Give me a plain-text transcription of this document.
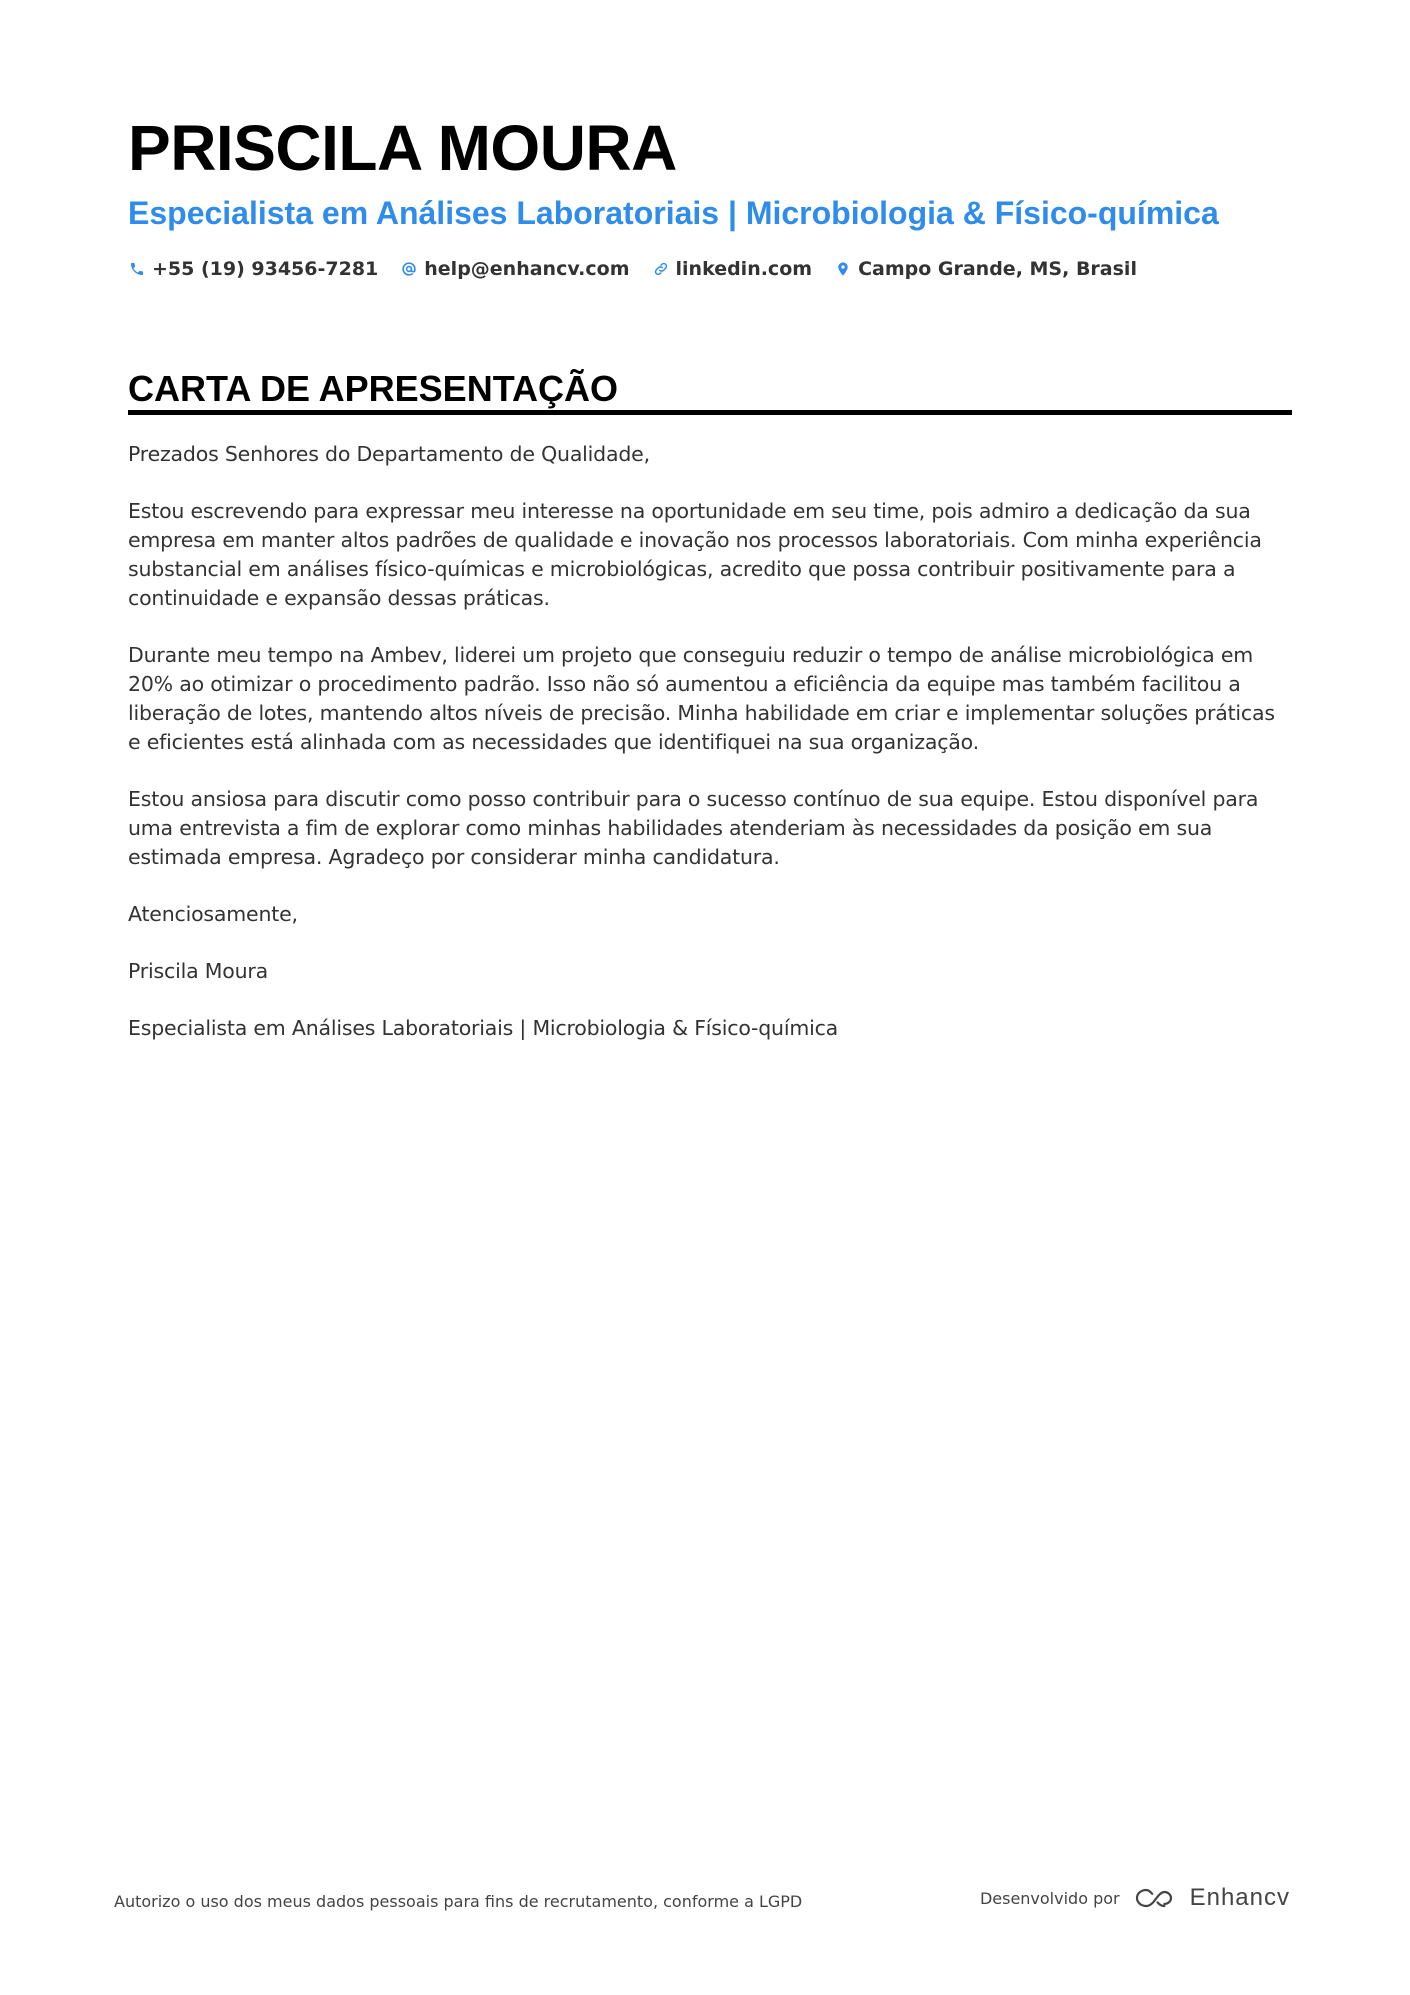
PRISCILA MOURA
Especialista em Análises Laboratoriais | Microbiologia & Físico-química
+55 (19) 93456-7281 help@enhancv.com linkedin.com Campo Grande, MS, Brasil
CARTA DE APRESENTAÇÃO

Prezados Senhores do Departamento de Qualidade,

Estou escrevendo para expressar meu interesse na oportunidade em seu time, pois admiro a dedicação da sua empresa em manter altos padrões de qualidade e inovação nos processos laboratoriais. Com minha experiência substancial em análises físico-químicas e microbiológicas, acredito que possa contribuir positivamente para a continuidade e expansão dessas práticas.

Durante meu tempo na Ambev, liderei um projeto que conseguiu reduzir o tempo de análise microbiológica em 20% ao otimizar o procedimento padrão. Isso não só aumentou a eficiência da equipe mas também facilitou a liberação de lotes, mantendo altos níveis de precisão. Minha habilidade em criar e implementar soluções práticas e eficientes está alinhada com as necessidades que identifiquei na sua organização.

Estou ansiosa para discutir como posso contribuir para o sucesso contínuo de sua equipe. Estou disponível para uma entrevista a fim de explorar como minhas habilidades atenderiam às necessidades da posição em sua estimada empresa. Agradeço por considerar minha candidatura.

Atenciosamente,

Priscila Moura

Especialista em Análises Laboratoriais | Microbiologia & Físico-química

Autorizo o uso dos meus dados pessoais para fins de recrutamento, conforme a LGPD	Desenvolvido por	Enhancv
